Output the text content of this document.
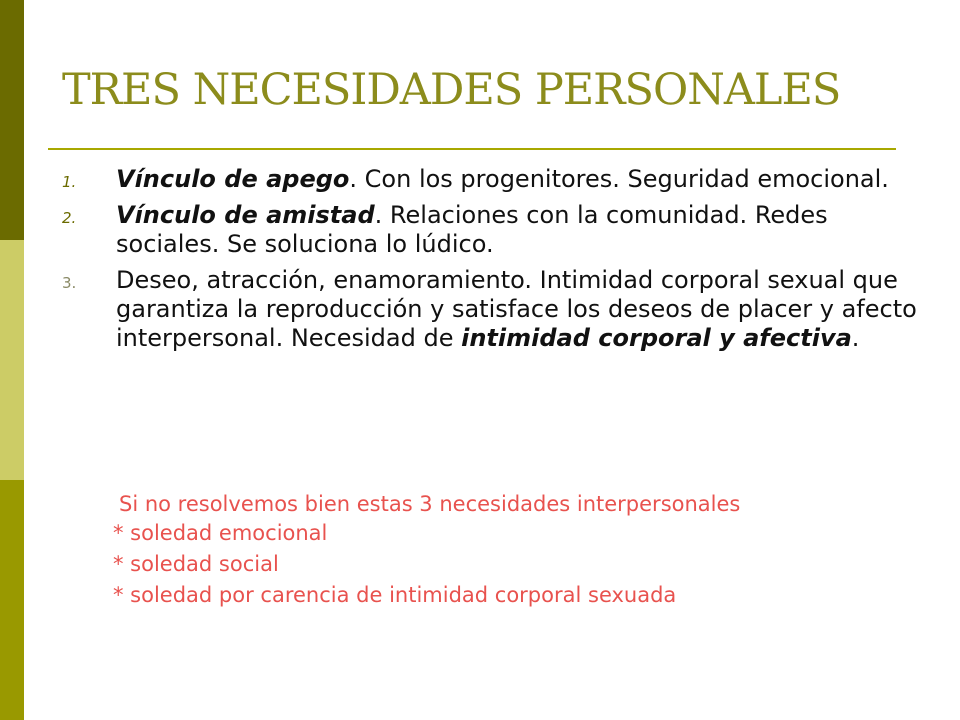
TRES NECESIDADES PERSONALES
1. Vínculo de apego. Con los progenitores. Seguridad emocional.
2. Vínculo de amistad. Relaciones con la comunidad. Redes sociales. Se soluciona lo lúdico.
3. Deseo, atracción, enamoramiento. Intimidad corporal sexual que garantiza la reproducción y satisface los deseos de placer y afecto interpersonal. Necesidad de intimidad corporal y afectiva.
Si no resolvemos bien estas 3 necesidades interpersonales
* soledad emocional
* soledad social
* soledad por carencia de intimidad corporal sexuada
